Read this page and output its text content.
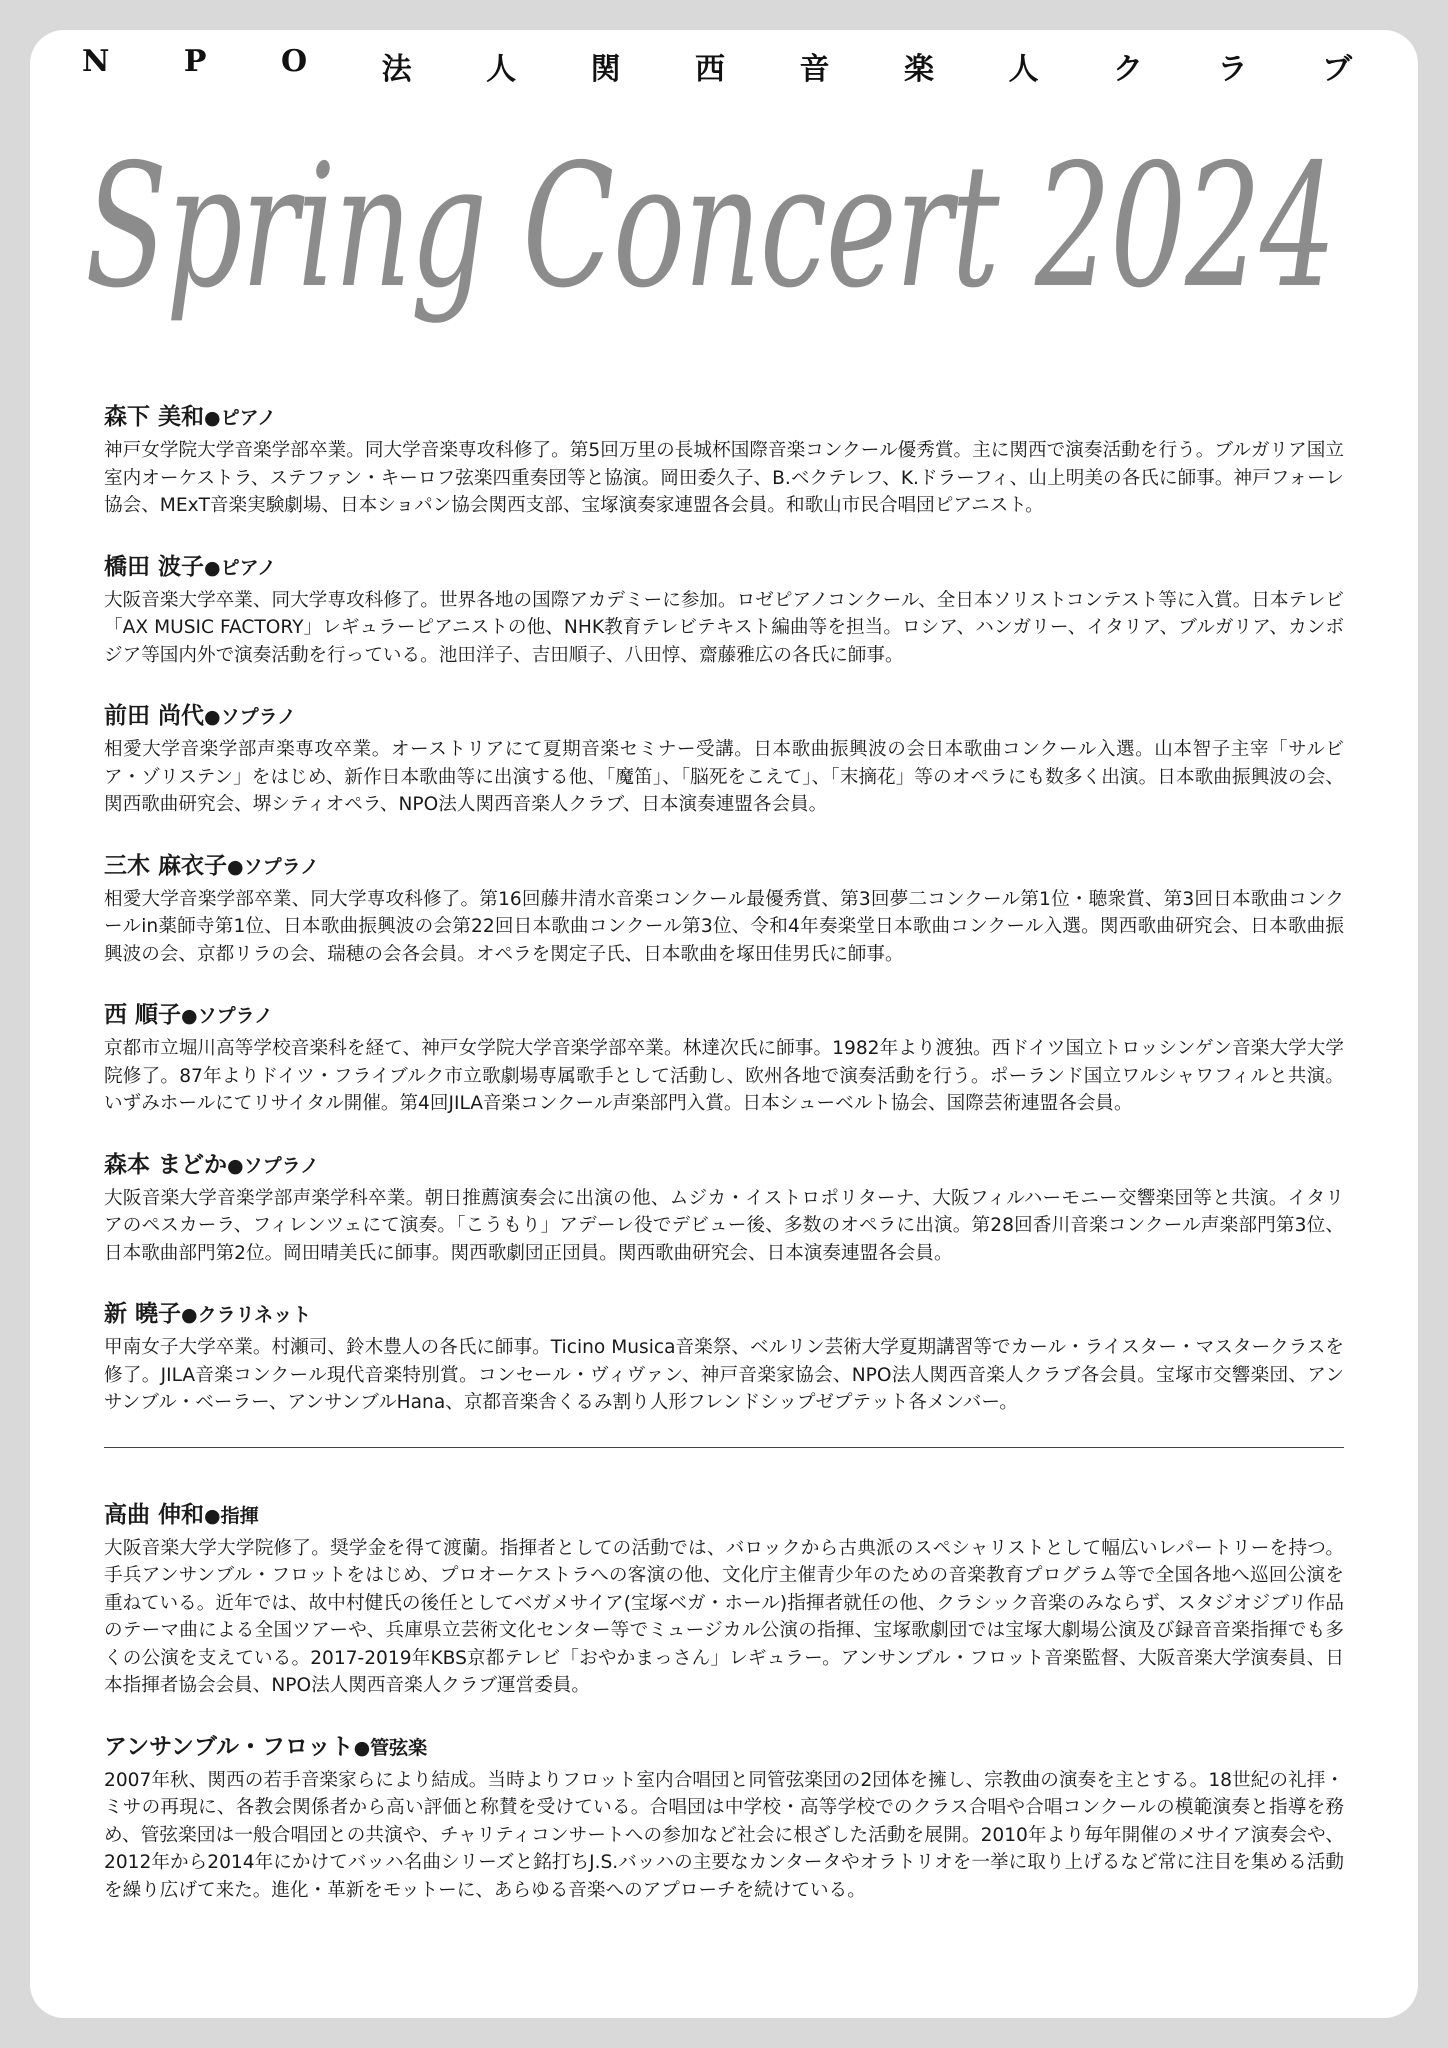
N P O 法 人 関 西 音 楽 人 ク ラ ブ
Spring Concert 2024
森下 美和●ピアノ
神戸女学院大学音楽学部卒業。同大学音楽専攻科修了。第5回万里の長城杯国際音楽コンクール優秀賞。主に関西で演奏活動を行う。ブルガリア国立室内オーケストラ、ステファン・キーロフ弦楽四重奏団等と協演。岡田委久子、B.ベクテレフ、K.ドラーフィ、山上明美の各氏に師事。神戸フォーレ協会、MExT音楽実験劇場、日本ショパン協会関西支部、宝塚演奏家連盟各会員。和歌山市民合唱団ピアニスト。
橋田 波子●ピアノ
大阪音楽大学卒業、同大学専攻科修了。世界各地の国際アカデミーに参加。ロゼピアノコンクール、全日本ソリストコンテスト等に入賞。日本テレビ「AX MUSIC FACTORY」レギュラーピアニストの他、NHK教育テレビテキスト編曲等を担当。ロシア、ハンガリー、イタリア、ブルガリア、カンボジア等国内外で演奏活動を行っている。池田洋子、吉田順子、八田惇、齋藤雅広の各氏に師事。
前田 尚代●ソプラノ
相愛大学音楽学部声楽専攻卒業。オーストリアにて夏期音楽セミナー受講。日本歌曲振興波の会日本歌曲コンクール入選。山本智子主宰「サルビア・ゾリステン」をはじめ、新作日本歌曲等に出演する他、「魔笛」、「脳死をこえて」、「末摘花」等のオペラにも数多く出演。日本歌曲振興波の会、関西歌曲研究会、堺シティオペラ、NPO法人関西音楽人クラブ、日本演奏連盟各会員。
三木 麻衣子●ソプラノ
相愛大学音楽学部卒業、同大学専攻科修了。第16回藤井清水音楽コンクール最優秀賞、第3回夢二コンクール第1位・聴衆賞、第3回日本歌曲コンクールin薬師寺第1位、日本歌曲振興波の会第22回日本歌曲コンクール第3位、令和4年奏楽堂日本歌曲コンクール入選。関西歌曲研究会、日本歌曲振興波の会、京都リラの会、瑞穂の会各会員。オペラを関定子氏、日本歌曲を塚田佳男氏に師事。
西 順子●ソプラノ
京都市立堀川高等学校音楽科を経て、神戸女学院大学音楽学部卒業。林達次氏に師事。1982年より渡独。西ドイツ国立トロッシンゲン音楽大学大学院修了。87年よりドイツ・フライブルク市立歌劇場専属歌手として活動し、欧州各地で演奏活動を行う。ポーランド国立ワルシャワフィルと共演。いずみホールにてリサイタル開催。第4回JILA音楽コンクール声楽部門入賞。日本シューベルト協会、国際芸術連盟各会員。
森本 まどか●ソプラノ
大阪音楽大学音楽学部声楽学科卒業。朝日推薦演奏会に出演の他、ムジカ・イストロポリターナ、大阪フィルハーモニー交響楽団等と共演。イタリアのペスカーラ、フィレンツェにて演奏。「こうもり」アデーレ役でデビュー後、多数のオペラに出演。第28回香川音楽コンクール声楽部門第3位、日本歌曲部門第2位。岡田晴美氏に師事。関西歌劇団正団員。関西歌曲研究会、日本演奏連盟各会員。
新 曉子●クラリネット
甲南女子大学卒業。村瀬司、鈴木豊人の各氏に師事。Ticino Musica音楽祭、ベルリン芸術大学夏期講習等でカール・ライスター・マスタークラスを修了。JILA音楽コンクール現代音楽特別賞。コンセール・ヴィヴァン、神戸音楽家協会、NPO法人関西音楽人クラブ各会員。宝塚市交響楽団、アンサンブル・ベーラー、アンサンブルHana、京都音楽舎くるみ割り人形フレンドシップゼプテット各メンバー。
高曲 伸和●指揮
大阪音楽大学大学院修了。奨学金を得て渡蘭。指揮者としての活動では、バロックから古典派のスペシャリストとして幅広いレパートリーを持つ。手兵アンサンブル・フロットをはじめ、プロオーケストラへの客演の他、文化庁主催青少年のための音楽教育プログラム等で全国各地へ巡回公演を重ねている。近年では、故中村健氏の後任としてベガメサイア(宝塚ベガ・ホール)指揮者就任の他、クラシック音楽のみならず、スタジオジブリ作品のテーマ曲による全国ツアーや、兵庫県立芸術文化センター等でミュージカル公演の指揮、宝塚歌劇団では宝塚大劇場公演及び録音音楽指揮でも多くの公演を支えている。2017-2019年KBS京都テレビ「おやかまっさん」レギュラー。アンサンブル・フロット音楽監督、大阪音楽大学演奏員、日本指揮者協会会員、NPO法人関西音楽人クラブ運営委員。
アンサンブル・フロット●管弦楽
2007年秋、関西の若手音楽家らにより結成。当時よりフロット室内合唱団と同管弦楽団の2団体を擁し、宗教曲の演奏を主とする。18世紀の礼拝・ミサの再現に、各教会関係者から高い評価と称賛を受けている。合唱団は中学校・高等学校でのクラス合唱や合唱コンクールの模範演奏と指導を務め、管弦楽団は一般合唱団との共演や、チャリティコンサートへの参加など社会に根ざした活動を展開。2010年より毎年開催のメサイア演奏会や、2012年から2014年にかけてバッハ名曲シリーズと銘打ちJ.S.バッハの主要なカンタータやオラトリオを一挙に取り上げるなど常に注目を集める活動を繰り広げて来た。進化・革新をモットーに、あらゆる音楽へのアプローチを続けている。
